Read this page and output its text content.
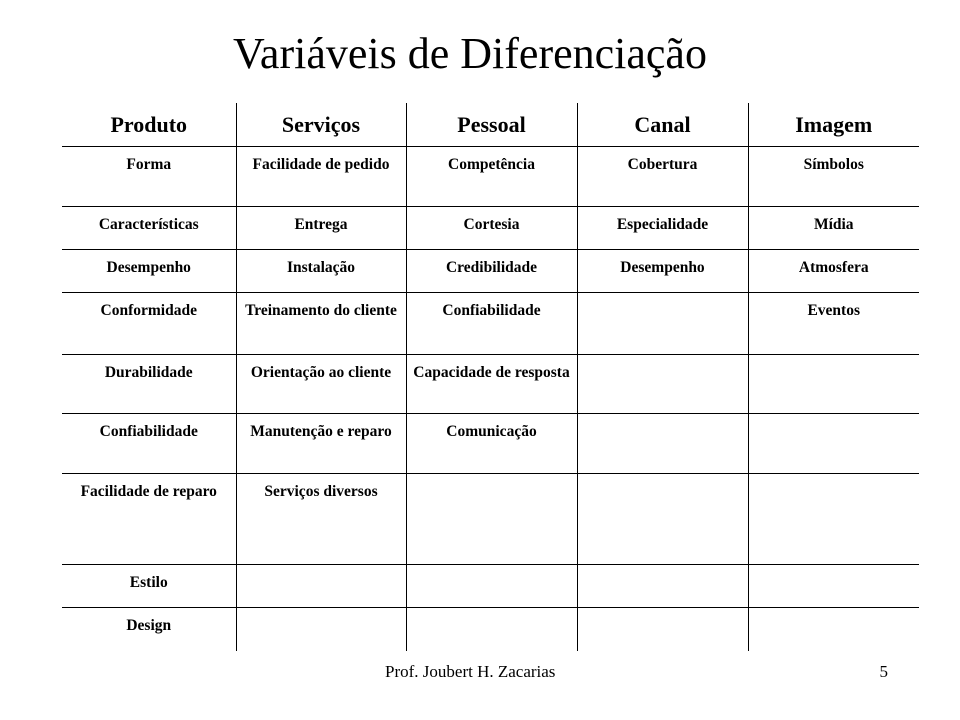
Variáveis de Diferenciação
Produto	Serviços	Pessoal	Canal	Imagem
Forma	Facilidade de pedido	Competência	Cobertura	Símbolos
Características	Entrega	Cortesia	Especialidade	Mídia
Desempenho	Instalação	Credibilidade	Desempenho	Atmosfera
Conformidade	Treinamento do cliente	Confiabilidade		Eventos
Durabilidade	Orientação ao cliente	Capacidade de resposta		
Confiabilidade	Manutenção e reparo	Comunicação		
Facilidade de reparo	Serviços diversos			
Estilo				
Design				
Prof. Joubert H. Zacarias	5
